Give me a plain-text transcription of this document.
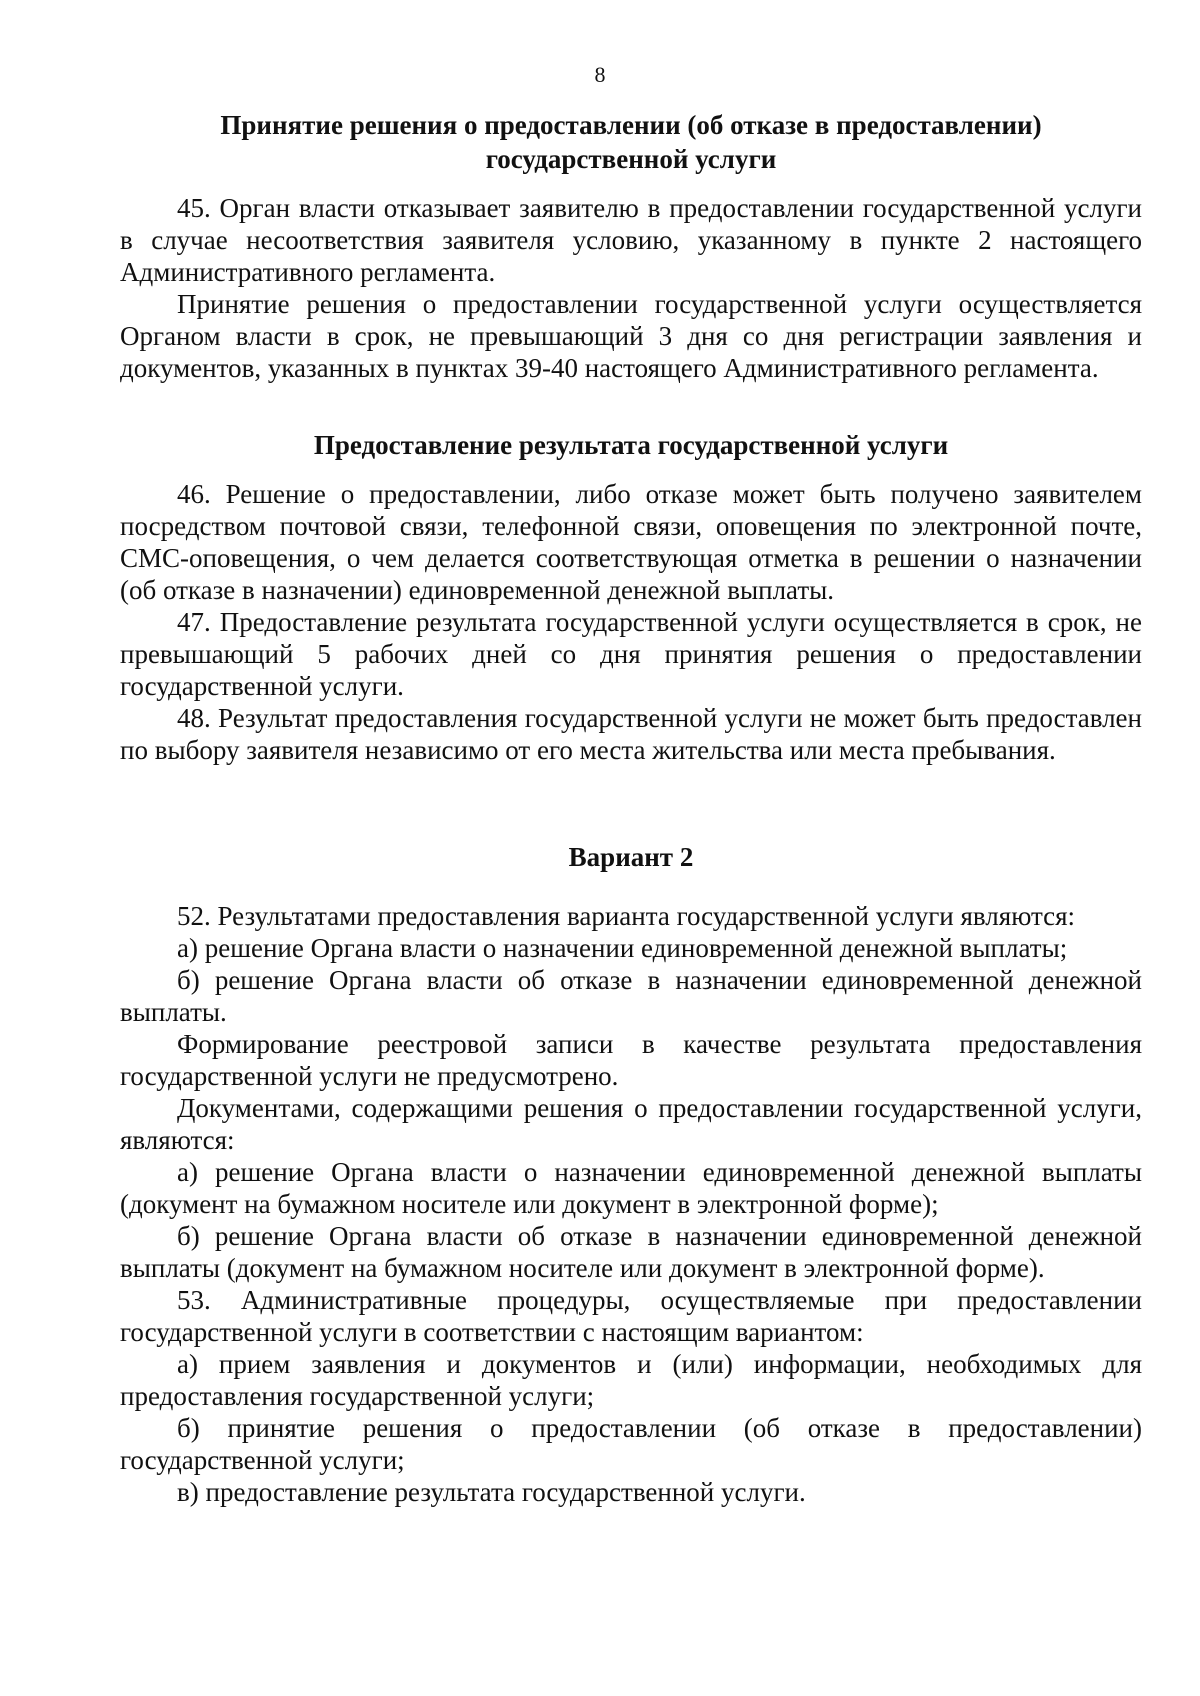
8
Принятие решения о предоставлении (об отказе в предоставлении)
государственной услуги

45. Орган власти отказывает заявителю в предоставлении государственной услуги в случае несоответствия заявителя условию, указанному в пункте 2 настоящего Административного регламента.

Принятие решения о предоставлении государственной услуги осуществляется Органом власти в срок, не превышающий 3 дня со дня регистрации заявления и документов, указанных в пунктах 39-40 настоящего Административного регламента.

Предоставление результата государственной услуги

46. Решение о предоставлении, либо отказе может быть получено заявителем посредством почтовой связи, телефонной связи, оповещения по электронной почте, СМС-оповещения, о чем делается соответствующая отметка в решении о назначении (об отказе в назначении) единовременной денежной выплаты.

47. Предоставление результата государственной услуги осуществляется в срок, не превышающий 5 рабочих дней со дня принятия решения о предоставлении государственной услуги.

48. Результат предоставления государственной услуги не может быть предоставлен по выбору заявителя независимо от его места жительства или места пребывания.

Вариант 2

52. Результатами предоставления варианта государственной услуги являются:

а) решение Органа власти о назначении единовременной денежной выплаты;

б) решение Органа власти об отказе в назначении единовременной денежной выплаты.

Формирование реестровой записи в качестве результата предоставления государственной услуги не предусмотрено.

Документами, содержащими решения о предоставлении государственной услуги, являются:

а) решение Органа власти о назначении единовременной денежной выплаты (документ на бумажном носителе или документ в электронной форме);

б) решение Органа власти об отказе в назначении единовременной денежной выплаты (документ на бумажном носителе или документ в электронной форме).

53. Административные процедуры, осуществляемые при предоставлении государственной услуги в соответствии с настоящим вариантом:

а) прием заявления и документов и (или) информации, необходимых для предоставления государственной услуги;

б) принятие решения о предоставлении (об отказе в предоставлении) государственной услуги;

в) предоставление результата государственной услуги.
